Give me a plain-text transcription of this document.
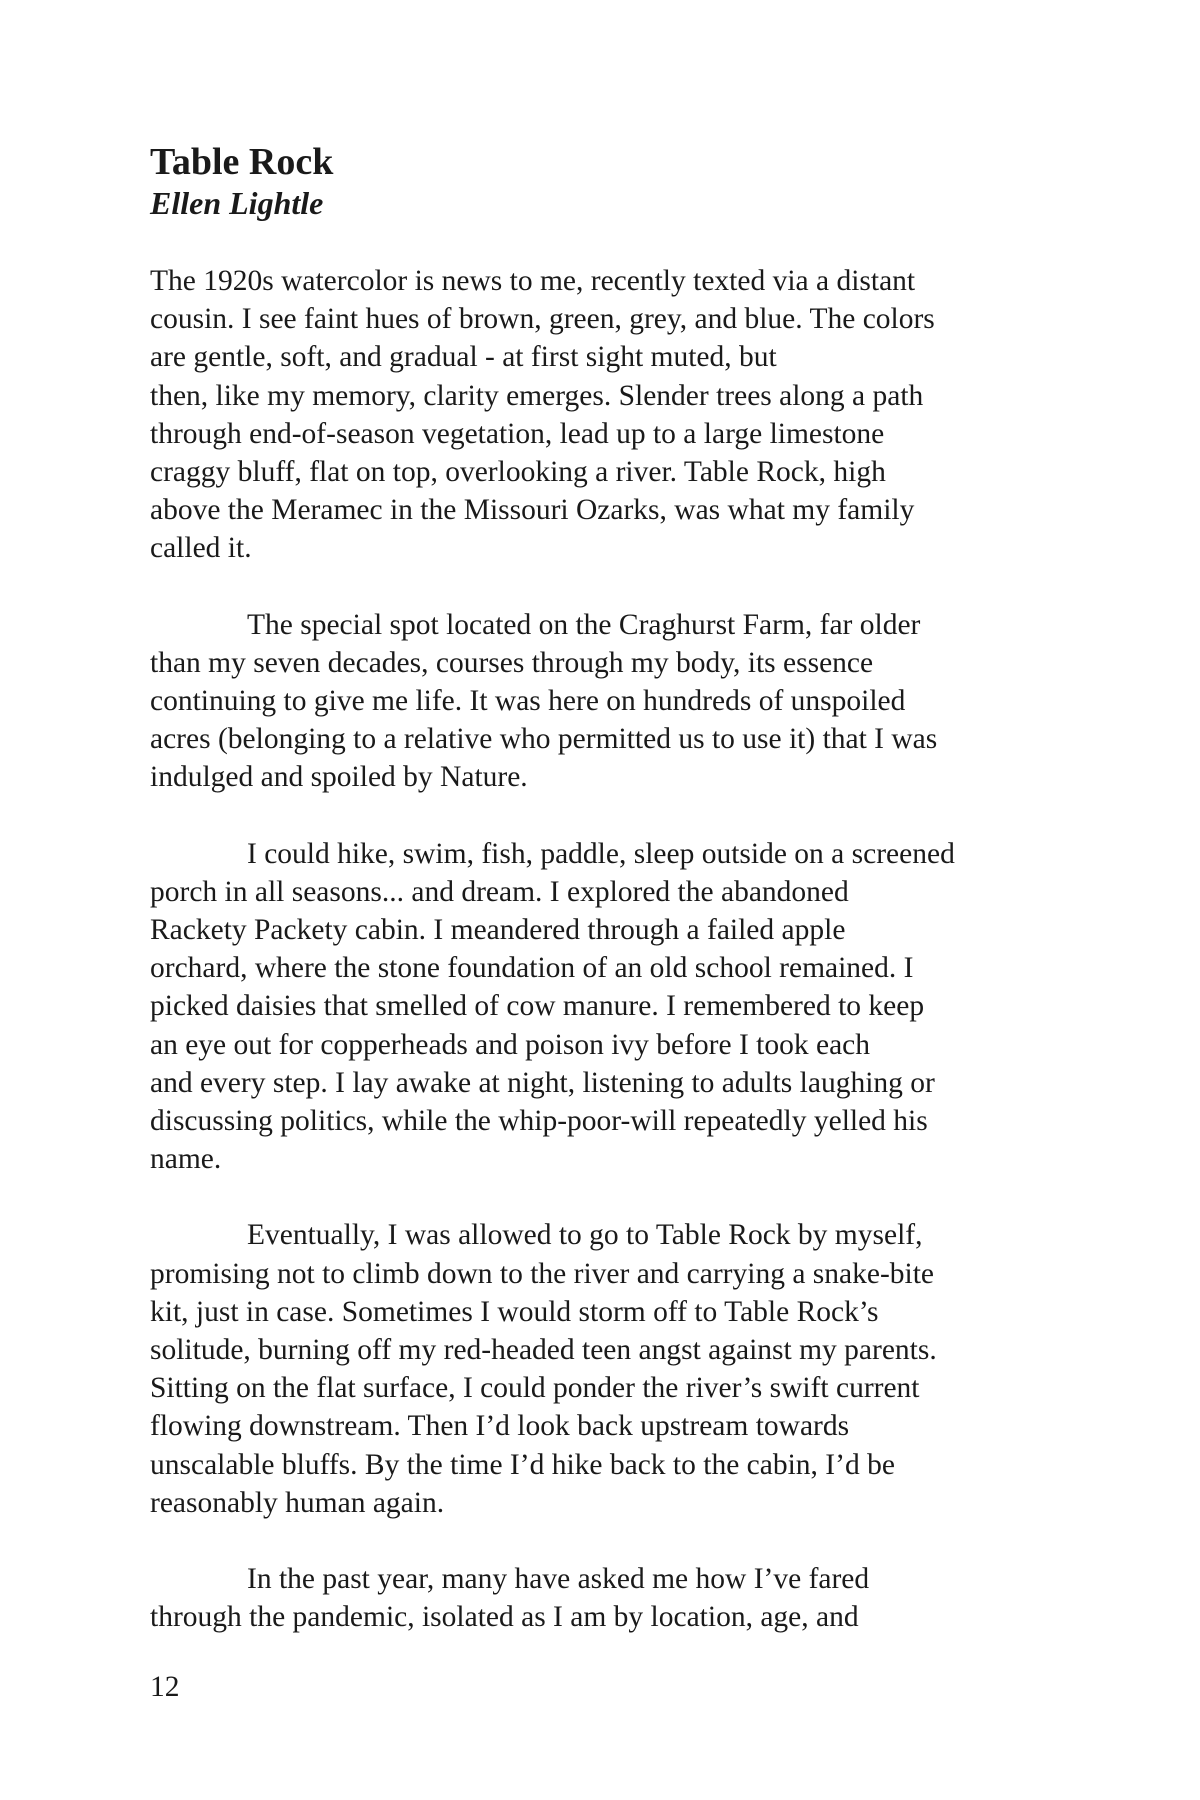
Table Rock
Ellen Lightle

The 1920s watercolor is news to me, recently texted via a distant
cousin. I see faint hues of brown, green, grey, and blue. The colors
are gentle, soft, and gradual - at first sight muted, but
then, like my memory, clarity emerges. Slender trees along a path
through end-of-season vegetation, lead up to a large limestone
craggy bluff, flat on top, overlooking a river. Table Rock, high
above the Meramec in the Missouri Ozarks, was what my family
called it.

The special spot located on the Craghurst Farm, far older
than my seven decades, courses through my body, its essence
continuing to give me life. It was here on hundreds of unspoiled
acres (belonging to a relative who permitted us to use it) that I was
indulged and spoiled by Nature.

I could hike, swim, fish, paddle, sleep outside on a screened
porch in all seasons... and dream. I explored the abandoned
Rackety Packety cabin. I meandered through a failed apple
orchard, where the stone foundation of an old school remained. I
picked daisies that smelled of cow manure. I remembered to keep
an eye out for copperheads and poison ivy before I took each
and every step. I lay awake at night, listening to adults laughing or
discussing politics, while the whip-poor-will repeatedly yelled his
name.

Eventually, I was allowed to go to Table Rock by myself,
promising not to climb down to the river and carrying a snake-bite
kit, just in case. Sometimes I would storm off to Table Rock’s
solitude, burning off my red-headed teen angst against my parents.
Sitting on the flat surface, I could ponder the river’s swift current
flowing downstream. Then I’d look back upstream towards
unscalable bluffs. By the time I’d hike back to the cabin, I’d be
reasonably human again.

In the past year, many have asked me how I’ve fared
through the pandemic, isolated as I am by location, age, and

12
